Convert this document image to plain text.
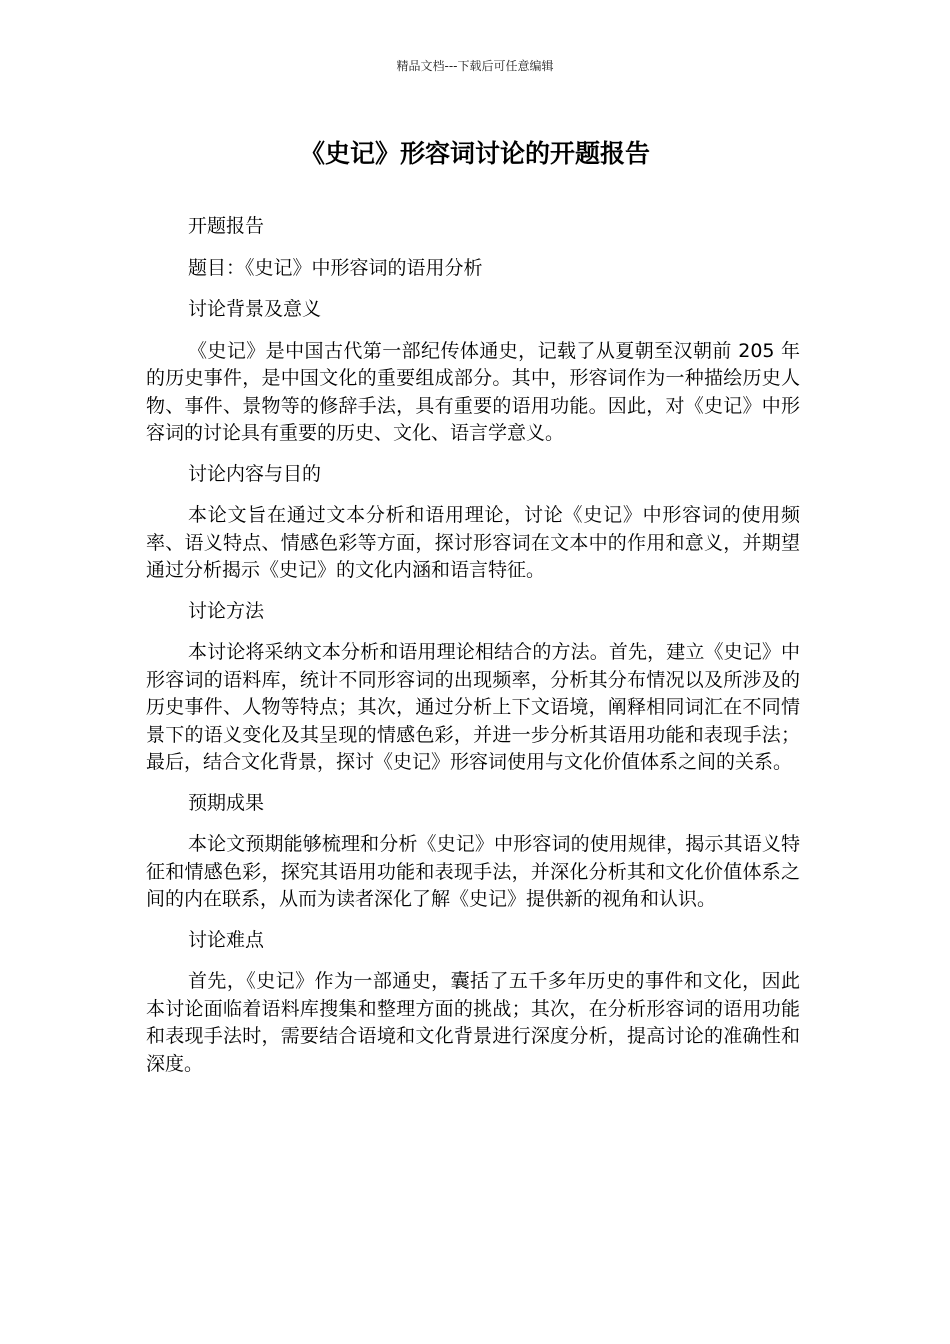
精品文档---下载后可任意编辑
《史记》形容词讨论的开题报告

开题报告

题目：《史记》中形容词的语用分析

讨论背景及意义

《史记》是中国古代第一部纪传体通史，记载了从夏朝至汉朝前 205 年的历史事件，是中国文化的重要组成部分。其中，形容词作为一种描绘历史人物、事件、景物等的修辞手法，具有重要的语用功能。因此，对《史记》中形容词的讨论具有重要的历史、文化、语言学意义。

讨论内容与目的

本论文旨在通过文本分析和语用理论，讨论《史记》中形容词的使用频率、语义特点、情感色彩等方面，探讨形容词在文本中的作用和意义，并期望通过分析揭示《史记》的文化内涵和语言特征。

讨论方法

本讨论将采纳文本分析和语用理论相结合的方法。首先，建立《史记》中形容词的语料库，统计不同形容词的出现频率，分析其分布情况以及所涉及的历史事件、人物等特点；其次，通过分析上下文语境，阐释相同词汇在不同情景下的语义变化及其呈现的情感色彩，并进一步分析其语用功能和表现手法；最后，结合文化背景，探讨《史记》形容词使用与文化价值体系之间的关系。

预期成果

本论文预期能够梳理和分析《史记》中形容词的使用规律，揭示其语义特征和情感色彩，探究其语用功能和表现手法，并深化分析其和文化价值体系之间的内在联系，从而为读者深化了解《史记》提供新的视角和认识。

讨论难点

首先，《史记》作为一部通史，囊括了五千多年历史的事件和文化，因此本讨论面临着语料库搜集和整理方面的挑战；其次，在分析形容词的语用功能和表现手法时，需要结合语境和文化背景进行深度分析，提高讨论的准确性和深度。
